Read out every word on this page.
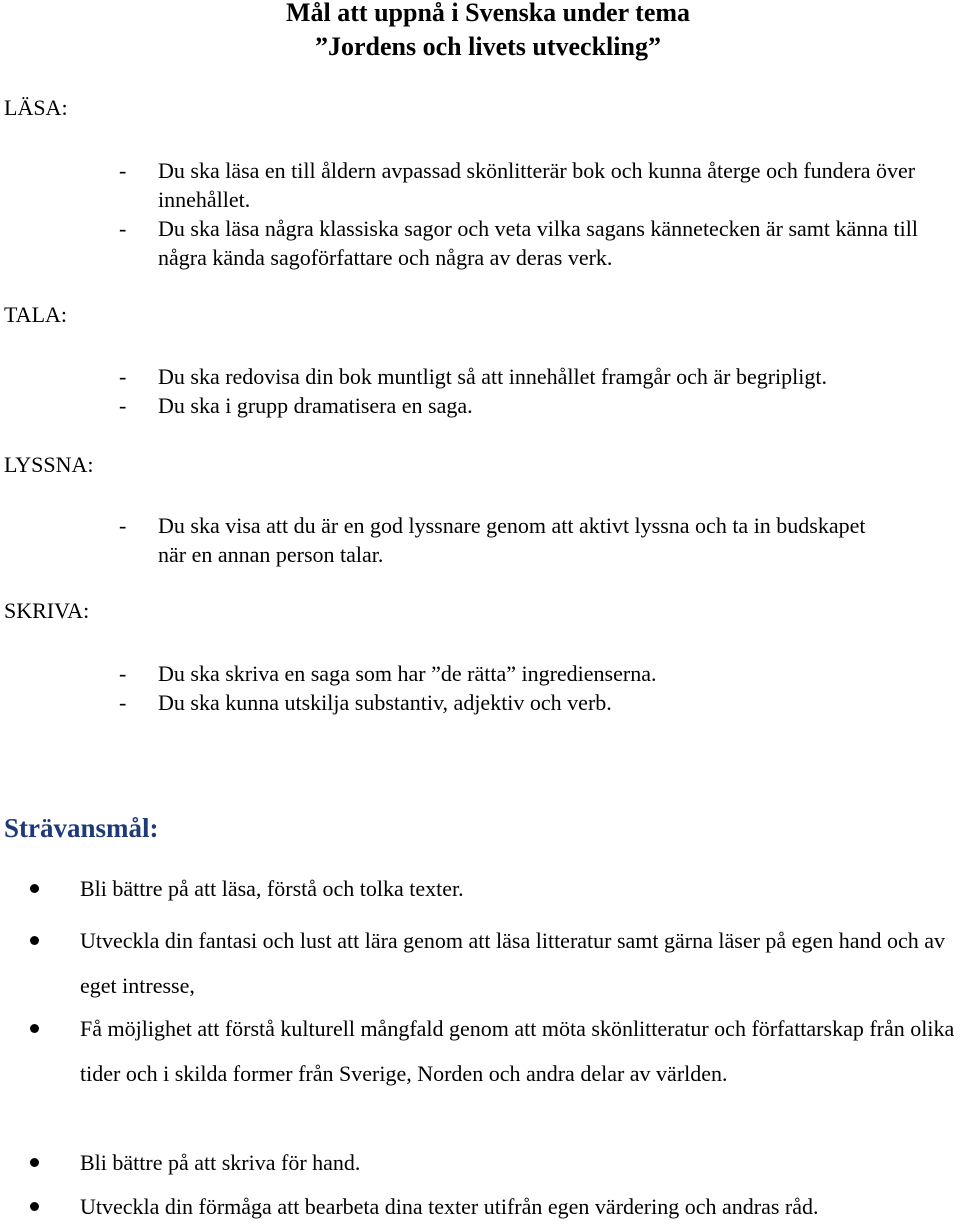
Mål att uppnå i Svenska under tema
”Jordens och livets utveckling”
LÄSA:
- Du ska läsa en till åldern avpassad skönlitterär bok och kunna återge och fundera över innehållet.
- Du ska läsa några klassiska sagor och veta vilka sagans kännetecken är samt känna till några kända sagoförfattare och några av deras verk.
TALA:
- Du ska redovisa din bok muntligt så att innehållet framgår och är begripligt.
- Du ska i grupp dramatisera en saga.
LYSSNA:
- Du ska visa att du är en god lyssnare genom att aktivt lyssna och ta in budskapet när en annan person talar.
SKRIVA:
- Du ska skriva en saga som har ”de rätta” ingredienserna.
- Du ska kunna utskilja substantiv, adjektiv och verb.
Strävansmål:
Bli bättre på att läsa, förstå och tolka texter.
Utveckla din fantasi och lust att lära genom att läsa litteratur samt gärna läser på egen hand och av eget intresse,
Få möjlighet att förstå kulturell mångfald genom att möta skönlitteratur och författarskap från olika tider och i skilda former från Sverige, Norden och andra delar av världen.
Bli bättre på att skriva för hand.
Utveckla din förmåga att bearbeta dina texter utifrån egen värdering och andras råd.
